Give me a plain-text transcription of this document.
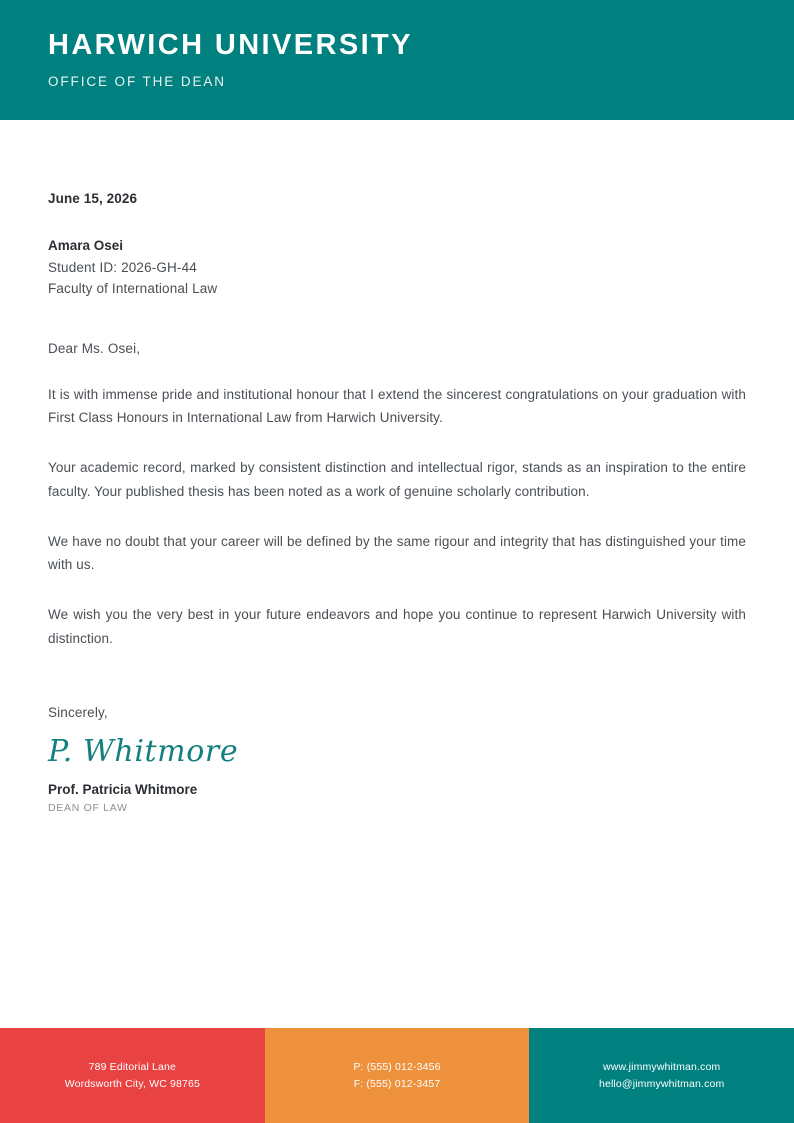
HARWICH UNIVERSITY
OFFICE OF THE DEAN
June 15, 2026
Amara Osei
Student ID: 2026-GH-44
Faculty of International Law
Dear Ms. Osei,
It is with immense pride and institutional honour that I extend the sincerest congratulations on your graduation with First Class Honours in International Law from Harwich University.
Your academic record, marked by consistent distinction and intellectual rigor, stands as an inspiration to the entire faculty. Your published thesis has been noted as a work of genuine scholarly contribution.
We have no doubt that your career will be defined by the same rigour and integrity that has distinguished your time with us.
We wish you the very best in your future endeavors and hope you continue to represent Harwich University with distinction.
Sincerely,
P. Whitmore
Prof. Patricia Whitmore
DEAN OF LAW
789 Editorial Lane
Wordsworth City, WC 98765
P: (555) 012-3456
F: (555) 012-3457
www.jimmywhitman.com
hello@jimmywhitman.com
